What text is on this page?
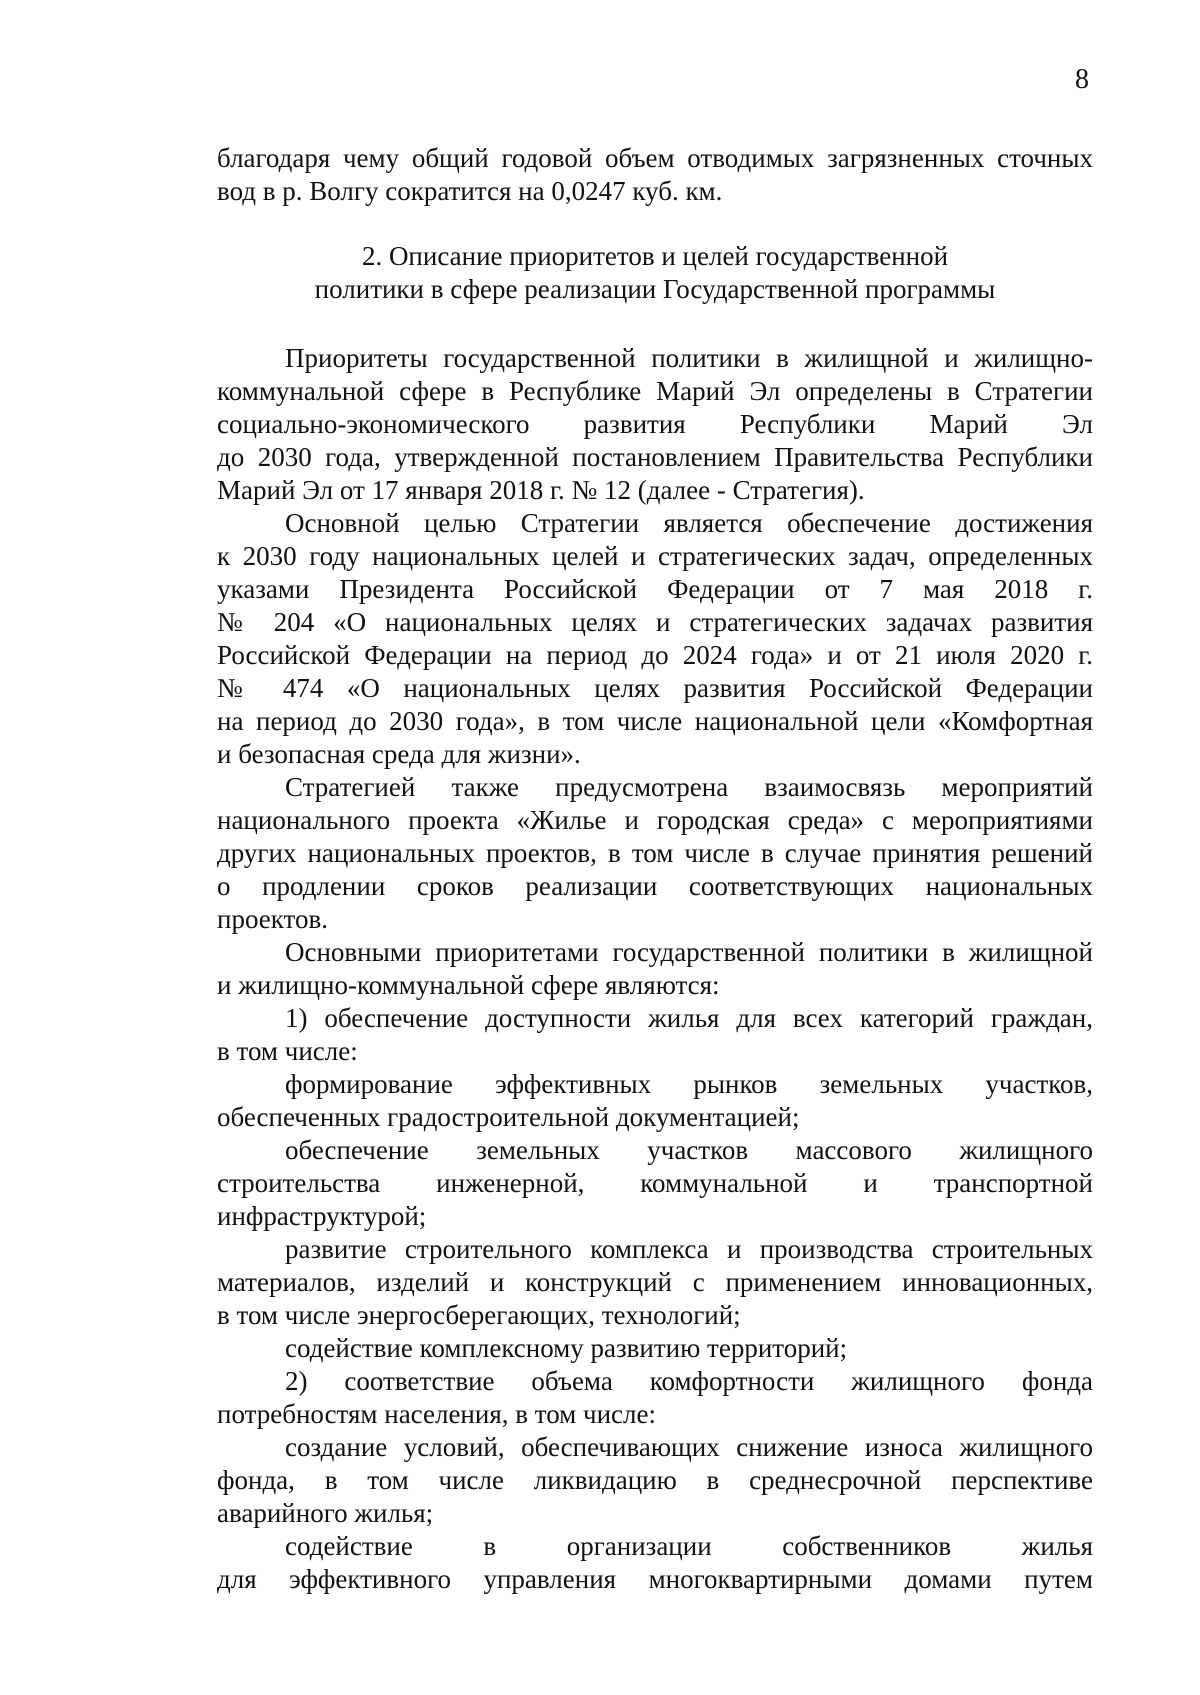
8
благодаря чему общий годовой объем отводимых загрязненных сточных
вод в р. Волгу сократится на 0,0247 куб. км.
2. Описание приоритетов и целей государственной
политики в сфере реализации Государственной программы
Приоритеты государственной политики в жилищной и жилищно-
коммунальной сфере в Республике Марий Эл определены в Стратегии
социально-экономического развития Республики Марий Эл
до 2030 года, утвержденной постановлением Правительства Республики
Марий Эл от 17 января 2018 г. № 12 (далее - Стратегия).
Основной целью Стратегии является обеспечение достижения
к 2030 году национальных целей и стратегических задач, определенных
указами Президента Российской Федерации от 7 мая 2018 г.
№ 204 «О национальных целях и стратегических задачах развития
Российской Федерации на период до 2024 года» и от 21 июля 2020 г.
№ 474 «О национальных целях развития Российской Федерации
на период до 2030 года», в том числе национальной цели «Комфортная
и безопасная среда для жизни».
Стратегией также предусмотрена взаимосвязь мероприятий
национального проекта «Жилье и городская среда» с мероприятиями
других национальных проектов, в том числе в случае принятия решений
о продлении сроков реализации соответствующих национальных
проектов.
Основными приоритетами государственной политики в жилищной
и жилищно-коммунальной сфере являются:
1) обеспечение доступности жилья для всех категорий граждан,
в том числе:
формирование эффективных рынков земельных участков,
обеспеченных градостроительной документацией;
обеспечение земельных участков массового жилищного
строительства инженерной, коммунальной и транспортной
инфраструктурой;
развитие строительного комплекса и производства строительных
материалов, изделий и конструкций с применением инновационных,
в том числе энергосберегающих, технологий;
содействие комплексному развитию территорий;
2) соответствие объема комфортности жилищного фонда
потребностям населения, в том числе:
создание условий, обеспечивающих снижение износа жилищного
фонда, в том числе ликвидацию в среднесрочной перспективе
аварийного жилья;
содействие в организации собственников жилья
для эффективного управления многоквартирными домами путем
